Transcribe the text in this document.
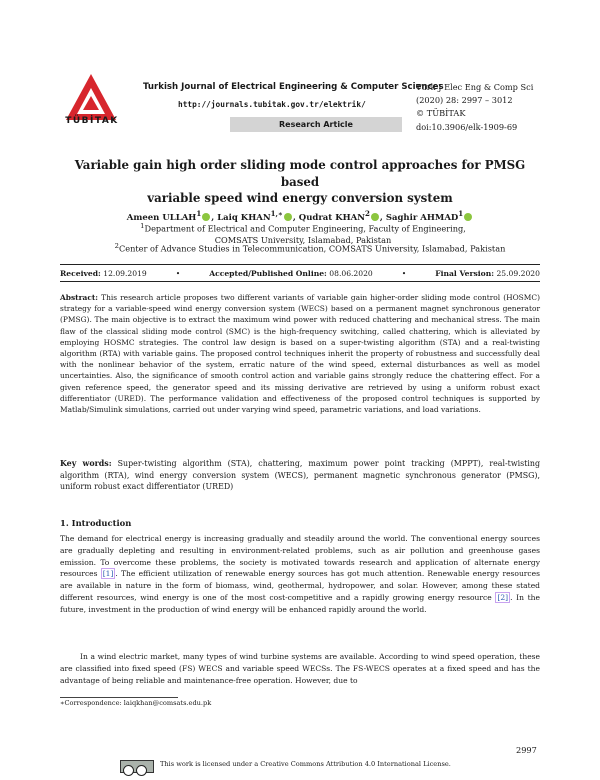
TÜBİTAK
Turkish Journal of Electrical Engineering & Computer Sciences
http://journals.tubitak.gov.tr/elektrik/
Research Article
Turk J Elec Eng & Comp Sci
(2020) 28: 2997 – 3012
© TÜBİTAK
doi:10.3906/elk-1909-69
Variable gain high order sliding mode control approaches for PMSG based
variable speed wind energy conversion system
Ameen ULLAH$^1$ , Laiq $KHAN^{1,∗}$ , Qudrat KHAN$^2$ , Saghir AHMAD$^1$
$^1$Department of Electrical and Computer Engineering, Faculty of Engineering, COMSATS University, Islamabad, Pakistan
$^2$Center of Advance Studies in Telecommunication, COMSATS University, Islamabad, Pakistan
Received: 12.09.2019	•	Accepted/Published Online: 08.06.2020	•	Final Version: 25.09.2020
Abstract: This research article proposes two different variants of variable gain higher-order sliding mode control (HOSMC) strategy for a variable-speed wind energy conversion system (WECS) based on a permanent magnet synchronous generator (PMSG). The main objective is to extract the maximum wind power with reduced chattering and mechanical stress. The main flaw of the classical sliding mode control (SMC) is the high-frequency switching, called chattering, which is alleviated by employing HOSMC strategies. The control law design is based on a super-twisting algorithm (STA) and a real-twisting algorithm (RTA) with variable gains. The proposed control techniques inherit the property of robustness and successfully deal with the nonlinear behavior of the system, erratic nature of the wind speed, external disturbances as well as model uncertainties. Also, the significance of smooth control action and variable gains strongly reduce the chattering effect. For a given reference speed, the generator speed and its missing derivative are retrieved by using a uniform robust exact differentiator (URED). The performance validation and effectiveness of the proposed control techniques is supported by Matlab/Simulink simulations, carried out under varying wind speed, parametric variations, and load variations.
Key words: Super-twisting algorithm (STA), chattering, maximum power point tracking (MPPT), real-twisting algorithm (RTA), wind energy conversion system (WECS), permanent magnetic synchronous generator (PMSG), uniform robust exact differentiator (URED)
1. Introduction
The demand for electrical energy is increasing gradually and steadily around the world. The conventional energy sources are gradually depleting and resulting in environment-related problems, such as air pollution and greenhouse gases emission. To overcome these problems, the society is motivated towards research and application of alternate energy resources [1] . The efficient utilization of renewable energy sources has got much attention. Renewable energy resources are available in nature in the form of biomass, wind, geothermal, hydropower, and solar. However, among these stated different resources, wind energy is one of the most cost-competitive and a rapidly growing energy resource [2] . In the future, investment in the production of wind energy will be enhanced rapidly around the world.
In a wind electric market, many types of wind turbine systems are available. According to wind speed operation, these are classified into fixed speed (FS) WECS and variable speed WECSs. The FS-WECS operates at a fixed speed and has the advantage of being reliable and maintenance-free operation. However, due to
∗Correspondence: laiqkhan@comsats.edu.pk
2997
This work is licensed under a Creative Commons Attribution 4.0 International License.
